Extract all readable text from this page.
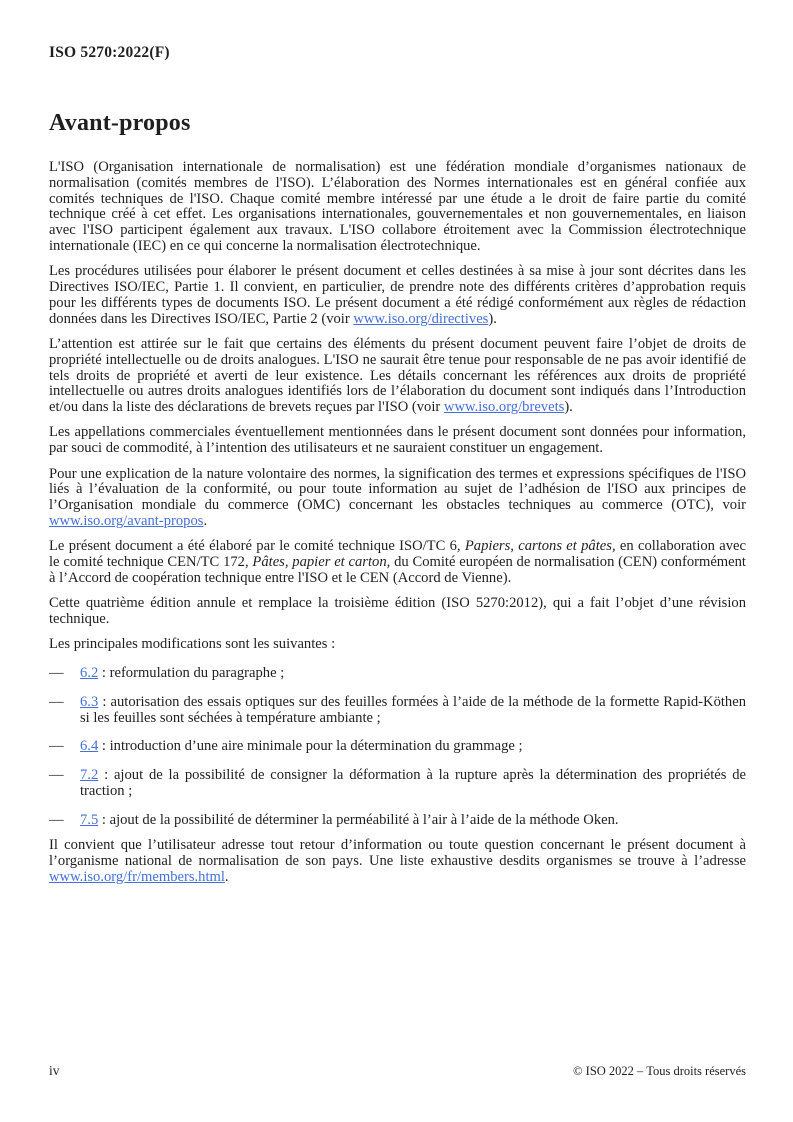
ISO 5270:2022(F)
Avant-propos
L'ISO (Organisation internationale de normalisation) est une fédération mondiale d’organismes nationaux de normalisation (comités membres de l'ISO). L’élaboration des Normes internationales est en général confiée aux comités techniques de l'ISO. Chaque comité membre intéressé par une étude a le droit de faire partie du comité technique créé à cet effet. Les organisations internationales, gouvernementales et non gouvernementales, en liaison avec l'ISO participent également aux travaux. L'ISO collabore étroitement avec la Commission électrotechnique internationale (IEC) en ce qui concerne la normalisation électrotechnique.
Les procédures utilisées pour élaborer le présent document et celles destinées à sa mise à jour sont décrites dans les Directives ISO/IEC, Partie 1. Il convient, en particulier, de prendre note des différents critères d’approbation requis pour les différents types de documents ISO. Le présent document a été rédigé conformément aux règles de rédaction données dans les Directives ISO/IEC, Partie 2 (voir www.iso.org/directives).
L’attention est attirée sur le fait que certains des éléments du présent document peuvent faire l’objet de droits de propriété intellectuelle ou de droits analogues. L'ISO ne saurait être tenue pour responsable de ne pas avoir identifié de tels droits de propriété et averti de leur existence. Les détails concernant les références aux droits de propriété intellectuelle ou autres droits analogues identifiés lors de l’élaboration du document sont indiqués dans l’Introduction et/ou dans la liste des déclarations de brevets reçues par l'ISO (voir www.iso.org/brevets).
Les appellations commerciales éventuellement mentionnées dans le présent document sont données pour information, par souci de commodité, à l’intention des utilisateurs et ne sauraient constituer un engagement.
Pour une explication de la nature volontaire des normes, la signification des termes et expressions spécifiques de l'ISO liés à l’évaluation de la conformité, ou pour toute information au sujet de l’adhésion de l'ISO aux principes de l’Organisation mondiale du commerce (OMC) concernant les obstacles techniques au commerce (OTC), voir www.iso.org/avant-propos.
Le présent document a été élaboré par le comité technique ISO/TC 6, Papiers, cartons et pâtes, en collaboration avec le comité technique CEN/TC 172, Pâtes, papier et carton, du Comité européen de normalisation (CEN) conformément à l’Accord de coopération technique entre l'ISO et le CEN (Accord de Vienne).
Cette quatrième édition annule et remplace la troisième édition (ISO 5270:2012), qui a fait l’objet d’une révision technique.
Les principales modifications sont les suivantes :
— 6.2 : reformulation du paragraphe ;
— 6.3 : autorisation des essais optiques sur des feuilles formées à l’aide de la méthode de la formette Rapid-Köthen si les feuilles sont séchées à température ambiante ;
— 6.4 : introduction d’une aire minimale pour la détermination du grammage ;
— 7.2 : ajout de la possibilité de consigner la déformation à la rupture après la détermination des propriétés de traction ;
— 7.5 : ajout de la possibilité de déterminer la perméabilité à l’air à l’aide de la méthode Oken.
Il convient que l’utilisateur adresse tout retour d’information ou toute question concernant le présent document à l’organisme national de normalisation de son pays. Une liste exhaustive desdits organismes se trouve à l’adresse www.iso.org/fr/members.html.
iv	© ISO 2022 – Tous droits réservés
